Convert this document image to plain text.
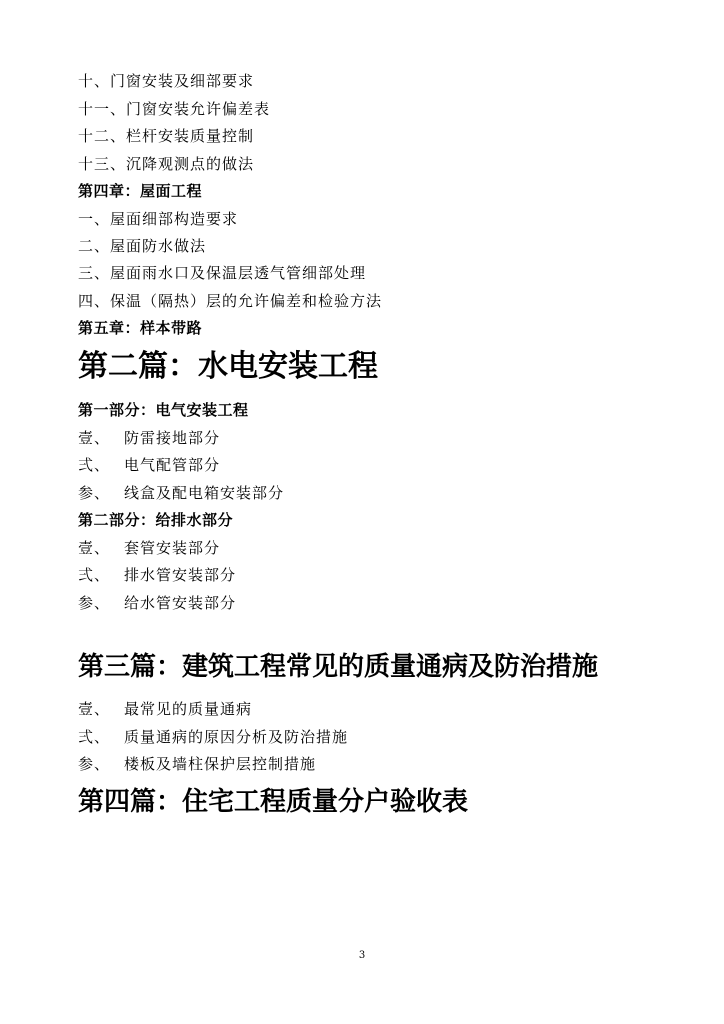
十、门窗安装及细部要求
十一、门窗安装允许偏差表
十二、栏杆安装质量控制
十三、沉降观测点的做法
第四章：屋面工程
一、屋面细部构造要求
二、屋面防水做法
三、屋面雨水口及保温层透气管细部处理
四、保温（隔热）层的允许偏差和检验方法
第五章：样本带路
第二篇：水电安装工程
第一部分：电气安装工程
壹、 防雷接地部分
弍、 电气配管部分
参、 线盒及配电箱安装部分
第二部分：给排水部分
壹、 套管安装部分
弍、 排水管安装部分
参、 给水管安装部分
第三篇：建筑工程常见的质量通病及防治措施
壹、 最常见的质量通病
弍、 质量通病的原因分析及防治措施
参、 楼板及墙柱保护层控制措施
第四篇：住宅工程质量分户验收表
3
